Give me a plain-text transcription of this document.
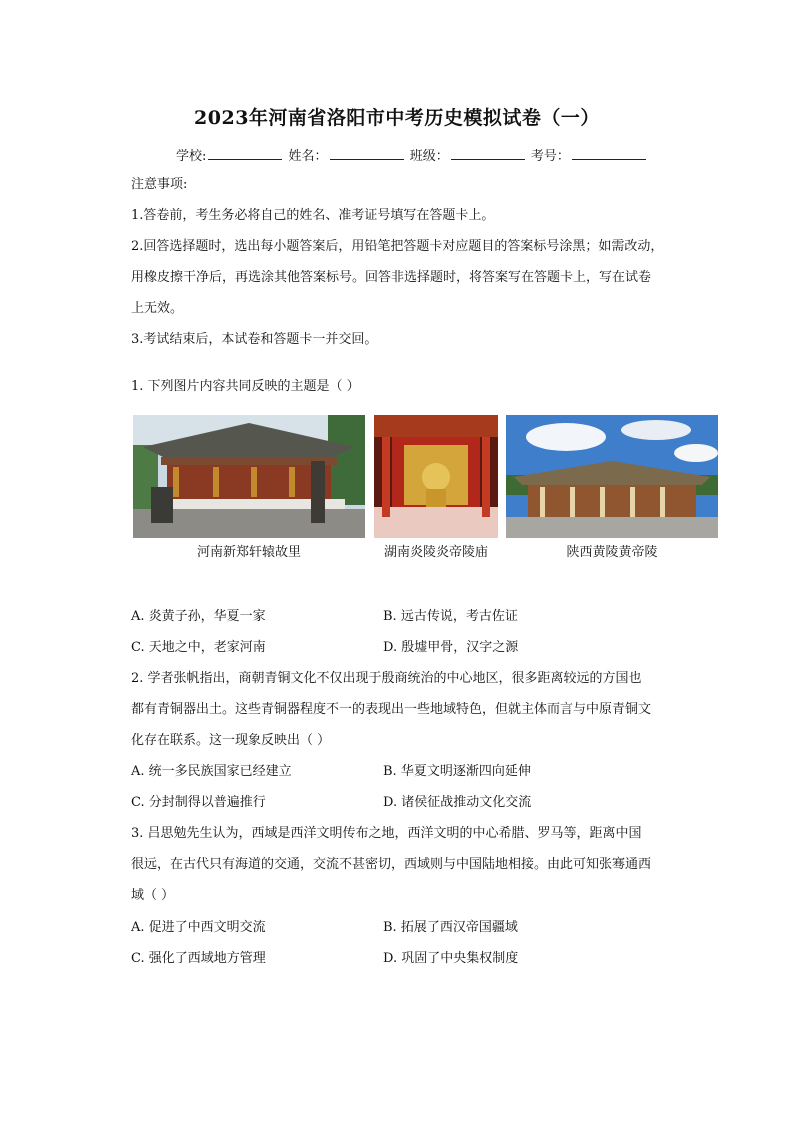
2023年河南省洛阳市中考历史模拟试卷（一）
学校:	姓名：	班级：	考号：
注意事项:
1.答卷前，考生务必将自己的姓名、准考证号填写在答题卡上。
2.回答选择题时，选出每小题答案后，用铅笔把答题卡对应题目的答案标号涂黑；如需改动，
用橡皮擦干净后，再选涂其他答案标号。回答非选择题时，将答案写在答题卡上，写在试卷
上无效。
3.考试结束后，本试卷和答题卡一并交回。
1. 下列图片内容共同反映的主题是（ ）
河南新郑轩辕故里	湖南炎陵炎帝陵庙	陕西黄陵黄帝陵
A. 炎黄子孙，华夏一家	B. 远古传说，考古佐证
C. 天地之中，老家河南	D. 殷墟甲骨，汉字之源
2. 学者张帆指出，商朝青铜文化不仅出现于殷商统治的中心地区，很多距离较远的方国也
都有青铜器出土。这些青铜器程度不一的表现出一些地域特色，但就主体而言与中原青铜文
化存在联系。这一现象反映出（ ）
A. 统一多民族国家已经建立	B. 华夏文明逐渐四向延伸
C. 分封制得以普遍推行	D. 诸侯征战推动文化交流
3. 吕思勉先生认为，西域是西洋文明传布之地，西洋文明的中心希腊、罗马等，距离中国
很远，在古代只有海道的交通，交流不甚密切，西域则与中国陆地相接。由此可知张骞通西
域（ ）
A. 促进了中西文明交流	B. 拓展了西汉帝国疆域
C. 强化了西域地方管理	D. 巩固了中央集权制度
